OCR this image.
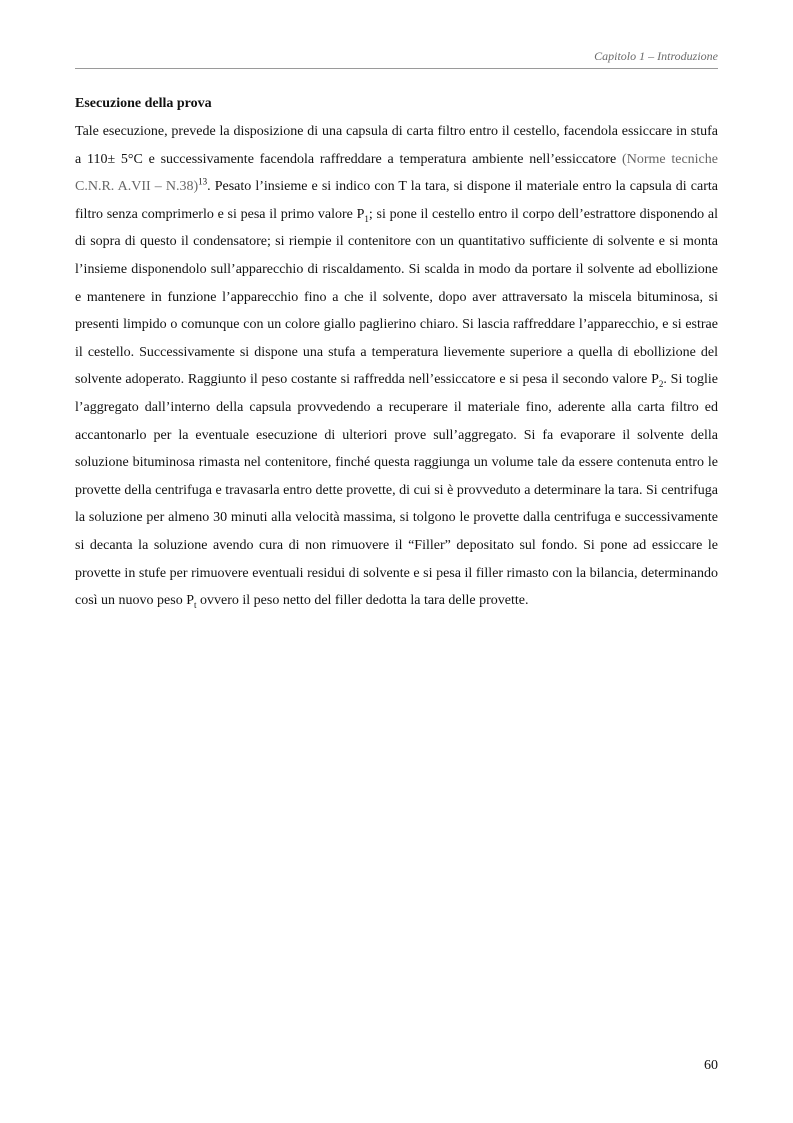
Capitolo 1 – Introduzione
Esecuzione della prova

Tale esecuzione, prevede la disposizione di una capsula di carta filtro entro il cestello, facendola essiccare in stufa a 110± 5°C e successivamente facendola raffreddare a temperatura ambiente nell’essiccatore (Norme tecniche C.N.R. A.VII – N.38)$^{13}$. Pesato l’insieme e si indico con T la tara, si dispone il materiale entro la capsula di carta filtro senza comprimerlo e si pesa il primo valore $P_1$; si pone il cestello entro il corpo dell’estrattore disponendo al di sopra di questo il condensatore; si riempie il contenitore con un quantitativo sufficiente di solvente e si monta l’insieme disponendolo sull’apparecchio di riscaldamento. Si scalda in modo da portare il solvente ad ebollizione e mantenere in funzione l’apparecchio fino a che il solvente, dopo aver attraversato la miscela bituminosa, si presenti limpido o comunque con un colore giallo paglierino chiaro. Si lascia raffreddare l’apparecchio, e si estrae il cestello. Successivamente si dispone una stufa a temperatura lievemente superiore a quella di ebollizione del solvente adoperato. Raggiunto il peso costante si raffredda nell’essiccatore e si pesa il secondo valore $P_2$. Si toglie l’aggregato dall’interno della capsula provvedendo a recuperare il materiale fino, aderente alla carta filtro ed accantonarlo per la eventuale esecuzione di ulteriori prove sull’aggregato. Si fa evaporare il solvente della soluzione bituminosa rimasta nel contenitore, finché questa raggiunga un volume tale da essere contenuta entro le provette della centrifuga e travasarla entro dette provette, di cui si è provveduto a determinare la tara. Si centrifuga la soluzione per almeno 30 minuti alla velocità massima, si tolgono le provette dalla centrifuga e successivamente si decanta la soluzione avendo cura di non rimuovere il “Filler” depositato sul fondo. Si pone ad essiccare le provette in stufe per rimuovere eventuali residui di solvente e si pesa il filler rimasto con la bilancia, determinando così un nuovo peso $P_t$ ovvero il peso netto del filler dedotta la tara delle provette.

60
